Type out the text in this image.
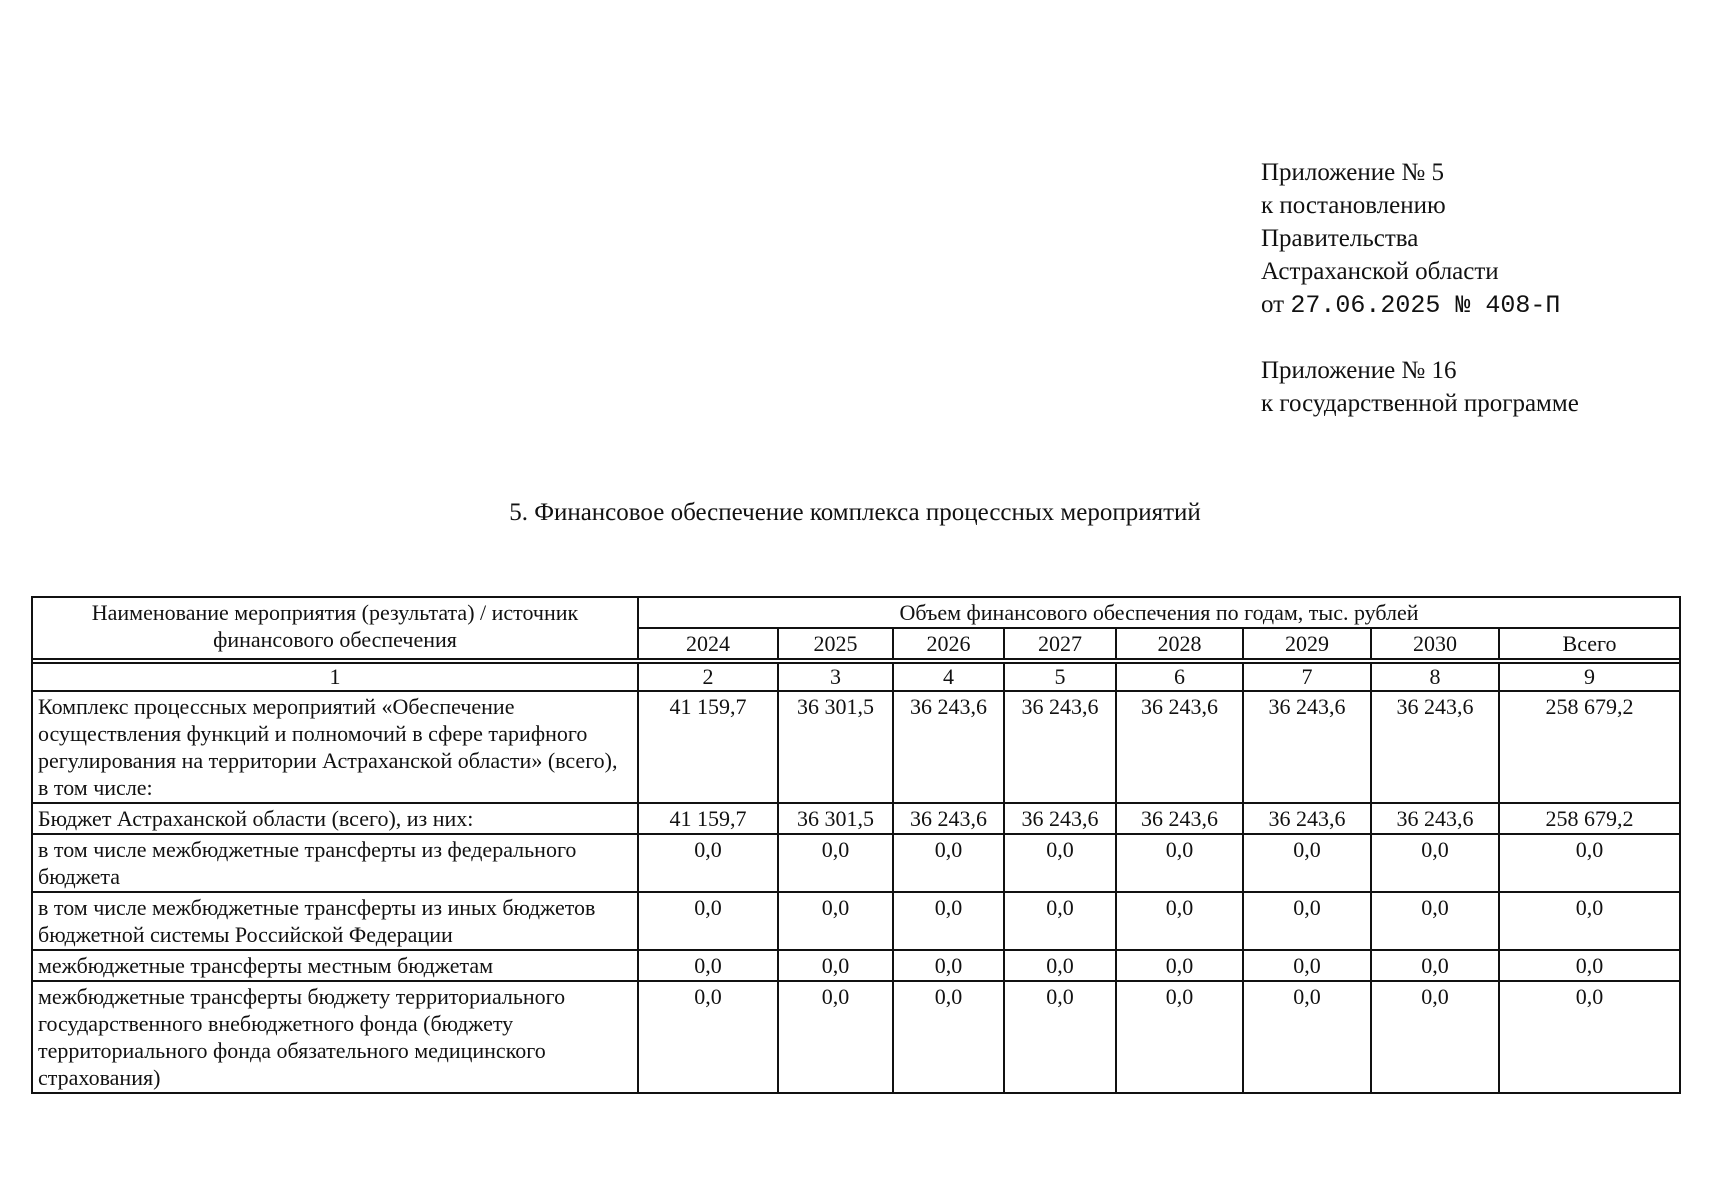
Приложение № 5
к постановлению
Правительства
Астраханской области
от 27.06.2025 № 408-П
Приложение № 16
к государственной программе
5. Финансовое обеспечение комплекса процессных мероприятий
Наименование мероприятия (результата) / источник финансового обеспечения	Объем финансового обеспечения по годам, тыс. рублей							
	2024	2025	2026	2027	2028	2029	2030	Всего

1	2	3	4	5	6	7	8	9
Комплекс процессных мероприятий «Обеспечение осуществления функций и полномочий в сфере тарифного регулирования на территории Астраханской области» (всего), в том числе:	41 159,7	36 301,5	36 243,6	36 243,6	36 243,6	36 243,6	36 243,6	258 679,2
Бюджет Астраханской области (всего), из них:	41 159,7	36 301,5	36 243,6	36 243,6	36 243,6	36 243,6	36 243,6	258 679,2
в том числе межбюджетные трансферты из федерального бюджета	0,0	0,0	0,0	0,0	0,0	0,0	0,0	0,0
в том числе межбюджетные трансферты из иных бюджетов бюджетной системы Российской Федерации	0,0	0,0	0,0	0,0	0,0	0,0	0,0	0,0
межбюджетные трансферты местным бюджетам	0,0	0,0	0,0	0,0	0,0	0,0	0,0	0,0
межбюджетные трансферты бюджету территориального государственного внебюджетного фонда (бюджету территориального фонда обязательного медицинского страхования)	0,0	0,0	0,0	0,0	0,0	0,0	0,0	0,0
